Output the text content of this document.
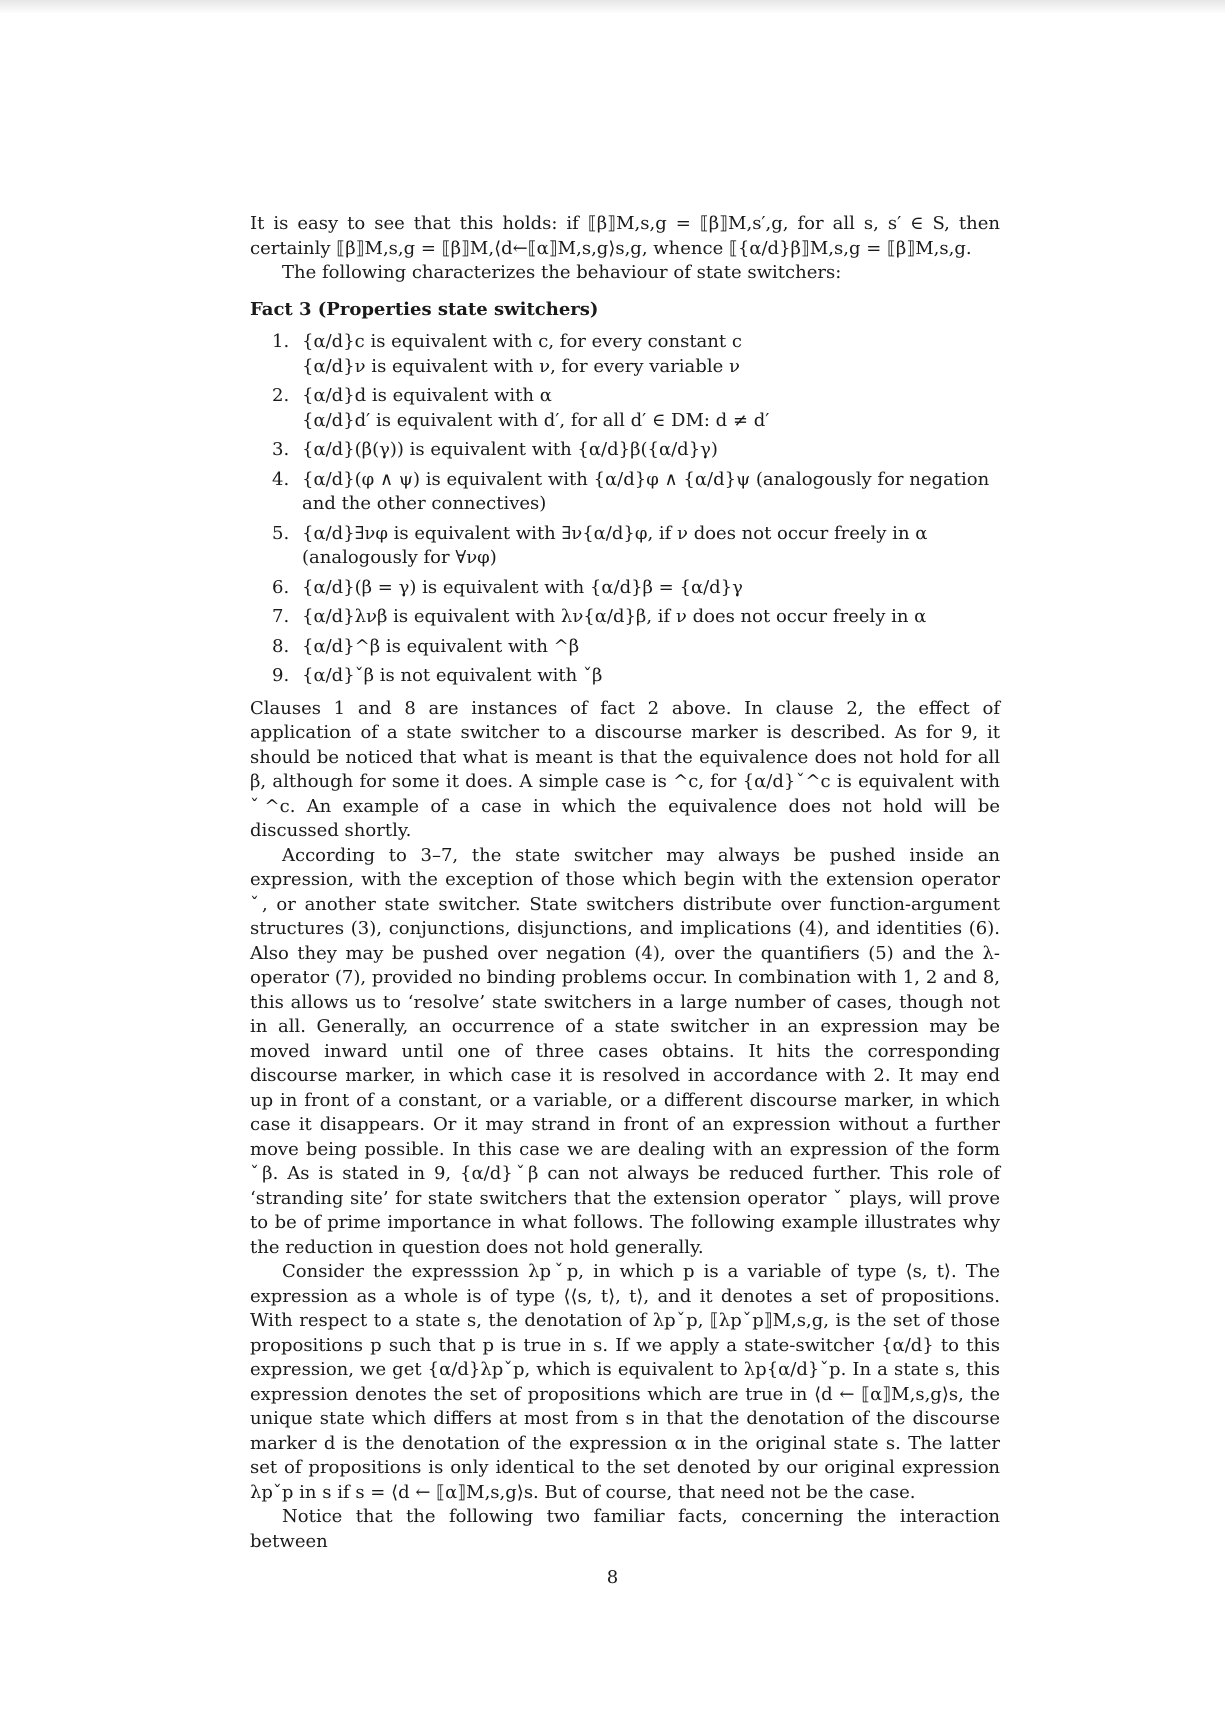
It is easy to see that this holds: if ⟦β⟧M,s,g = ⟦β⟧M,s′,g, for all s, s′ ∈ S, then certainly ⟦β⟧M,s,g = ⟦β⟧M,⟨d←⟦α⟧M,s,g⟩s,g, whence ⟦{α/d}β⟧M,s,g = ⟦β⟧M,s,g.

The following characterizes the behaviour of state switchers:

Fact 3 (Properties state switchers)

1. {α/d}c is equivalent with c, for every constant c
{α/d}ν is equivalent with ν, for every variable ν
2. {α/d}d is equivalent with α
{α/d}d′ is equivalent with d′, for all d′ ∈ DM: d ≠ d′
3. {α/d}(β(γ)) is equivalent with {α/d}β({α/d}γ)
4. {α/d}(φ ∧ ψ) is equivalent with {α/d}φ ∧ {α/d}ψ (analogously for negation and the other connectives)
5. {α/d}∃νφ is equivalent with ∃ν{α/d}φ, if ν does not occur freely in α (analogously for ∀νφ)
6. {α/d}(β = γ) is equivalent with {α/d}β = {α/d}γ
7. {α/d}λνβ is equivalent with λν{α/d}β, if ν does not occur freely in α
8. {α/d}^β is equivalent with ^β
9. {α/d}ˇβ is not equivalent with ˇβ

Clauses 1 and 8 are instances of fact 2 above. In clause 2, the effect of application of a state switcher to a discourse marker is described. As for 9, it should be noticed that what is meant is that the equivalence does not hold for all β, although for some it does. A simple case is ^c, for {α/d}ˇ^c is equivalent with ˇ^c. An example of a case in which the equivalence does not hold will be discussed shortly.

According to 3–7, the state switcher may always be pushed inside an expression, with the exception of those which begin with the extension operator ˇ, or another state switcher. State switchers distribute over function-argument structures (3), conjunctions, disjunctions, and implications (4), and identities (6). Also they may be pushed over negation (4), over the quantifiers (5) and the λ-operator (7), provided no binding problems occur. In combination with 1, 2 and 8, this allows us to ‘resolve’ state switchers in a large number of cases, though not in all. Generally, an occurrence of a state switcher in an expression may be moved inward until one of three cases obtains. It hits the corresponding discourse marker, in which case it is resolved in accordance with 2. It may end up in front of a constant, or a variable, or a different discourse marker, in which case it disappears. Or it may strand in front of an expression without a further move being possible. In this case we are dealing with an expression of the form ˇβ. As is stated in 9, {α/d}ˇβ can not always be reduced further. This role of ‘stranding site’ for state switchers that the extension operator ˇ plays, will prove to be of prime importance in what follows. The following example illustrates why the reduction in question does not hold generally.

Consider the expresssion λpˇp, in which p is a variable of type ⟨s, t⟩. The expression as a whole is of type ⟨⟨s, t⟩, t⟩, and it denotes a set of propositions. With respect to a state s, the denotation of λpˇp, ⟦λpˇp⟧M,s,g, is the set of those propositions p such that p is true in s. If we apply a state-switcher {α/d} to this expression, we get {α/d}λpˇp, which is equivalent to λp{α/d}ˇp. In a state s, this expression denotes the set of propositions which are true in ⟨d ← ⟦α⟧M,s,g⟩s, the unique state which differs at most from s in that the denotation of the discourse marker d is the denotation of the expression α in the original state s. The latter set of propositions is only identical to the set denoted by our original expression λpˇp in s if s = ⟨d ← ⟦α⟧M,s,g⟩s. But of course, that need not be the case.

Notice that the following two familiar facts, concerning the interaction between

8
